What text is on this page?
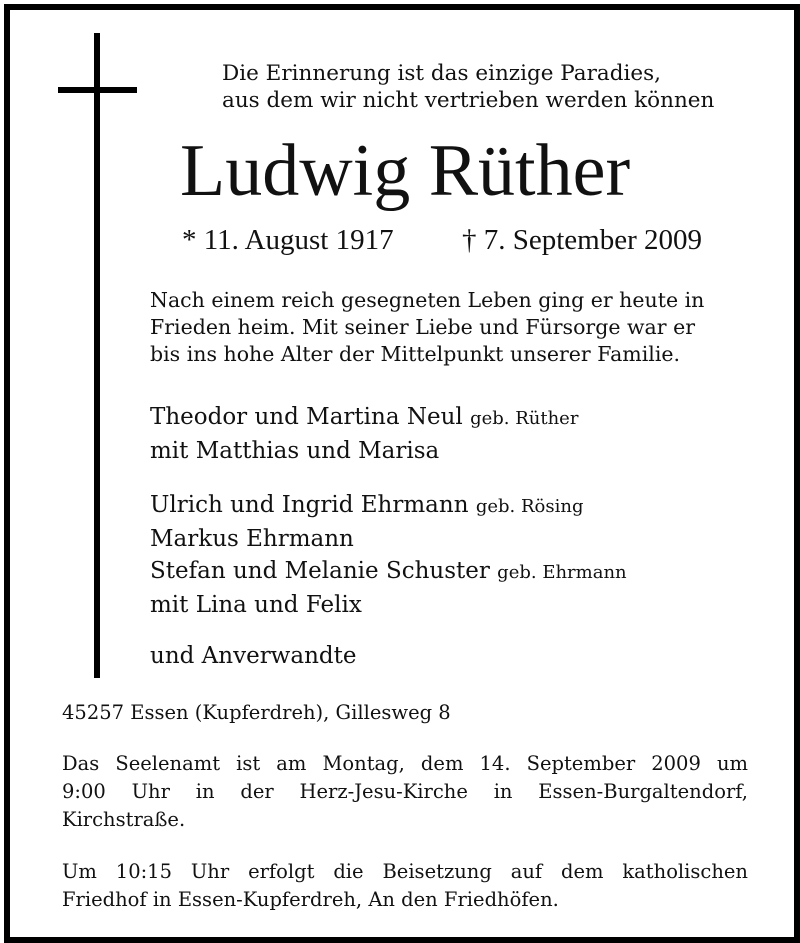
Die Erinnerung ist das einzige Paradies,
aus dem wir nicht vertrieben werden können
Ludwig Rüther
* 11. August 1917 † 7. September 2009
Nach einem reich gesegneten Leben ging er heute in
Frieden heim. Mit seiner Liebe und Fürsorge war er
bis ins hohe Alter der Mittelpunkt unserer Familie.
Theodor und Martina Neul geb. Rüther
mit Matthias und Marisa
Ulrich und Ingrid Ehrmann geb. Rösing
Markus Ehrmann
Stefan und Melanie Schuster geb. Ehrmann
mit Lina und Felix
und Anverwandte
45257 Essen (Kupferdreh), Gillesweg 8
Das Seelenamt ist am Montag, dem 14. September 2009 um
9:00 Uhr in der Herz-Jesu-Kirche in Essen-Burgaltendorf,
Kirchstraße.
Um 10:15 Uhr erfolgt die Beisetzung auf dem katholischen
Friedhof in Essen-Kupferdreh, An den Friedhöfen.
